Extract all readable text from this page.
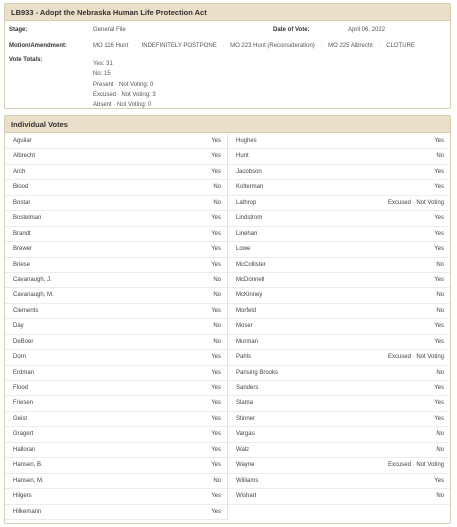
LB933 - Adopt the Nebraska Human Life Protection Act
Stage:	General File	Date of Vote:	April 06, 2022
Motion/Amendment:	MO 116 Hunt · INDEFINITELY POSTPONE · MO 223 Hunt (Reconsideration) · MO 225 Albrecht · CLOTURE
Vote Totals:
Yes: 31
No: 15
Present · Not Voting: 0
Excused · Not Voting: 3
Absent · Not Voting: 0
Individual Votes
Aguilar	Yes
Albrecht	Yes
Arch	Yes
Blood	No
Bostar	No
Bostelman	Yes
Brandt	Yes
Brewer	Yes
Briese	Yes
Cavanaugh, J.	No
Cavanaugh, M.	No
Clements	Yes
Day	No
DeBoer	No
Dorn	Yes
Erdman	Yes
Flood	Yes
Friesen	Yes
Geist	Yes
Gragert	Yes
Halloran	Yes
Hansen, B.	Yes
Hansen, M.	No
Hilgers	Yes
Hilkemann	Yes
Hughes	Yes
Hunt	No
Jacobson	Yes
Kolterman	Yes
Lathrop	Excused · Not Voting
Lindstrom	Yes
Linehan	Yes
Lowe	Yes
McCollister	No
McDonnell	Yes
McKinney	No
Morfeld	No
Moser	Yes
Murman	Yes
Pahls	Excused · Not Voting
Pansing Brooks	No
Sanders	Yes
Slama	Yes
Stinner	Yes
Vargas	No
Walz	No
Wayne	Excused · Not Voting
Williams	Yes
Wishart	No
